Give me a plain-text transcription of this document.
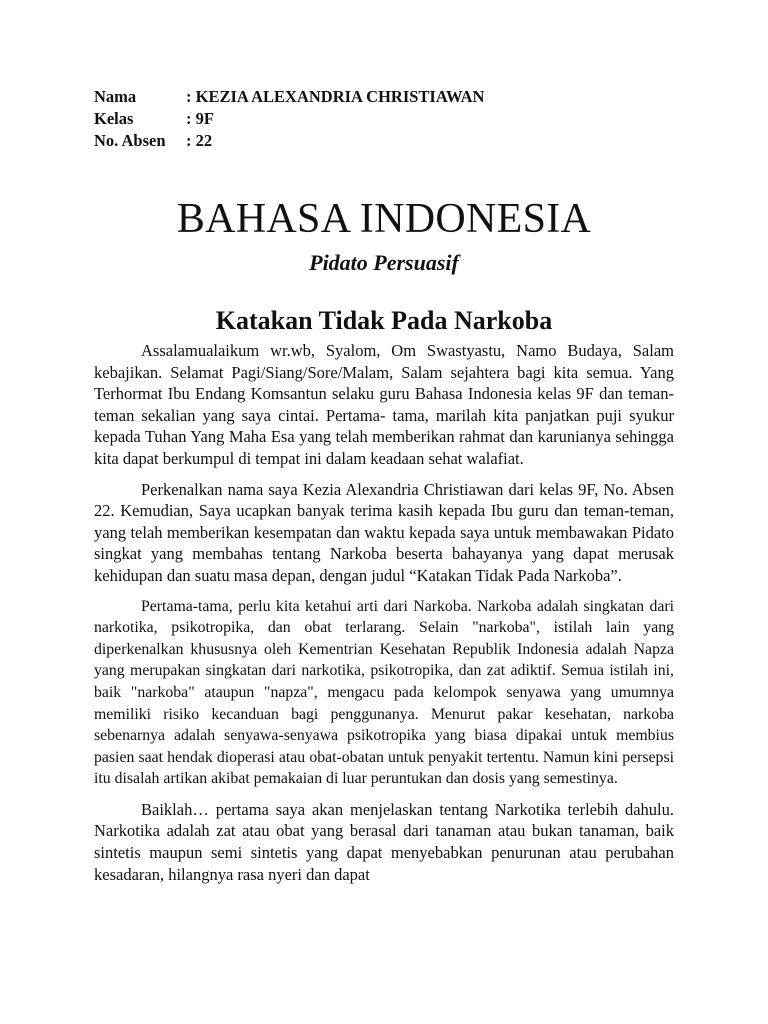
Nama	: KEZIA ALEXANDRIA CHRISTIAWAN
Kelas	: 9F
No. Absen	: 22
BAHASA INDONESIA
Pidato Persuasif
Katakan Tidak Pada Narkoba

Assalamualaikum wr.wb, Syalom, Om Swastyastu, Namo Budaya, Salam kebajikan. Selamat Pagi/Siang/Sore/Malam, Salam sejahtera bagi kita semua. Yang Terhormat Ibu Endang Komsantun selaku guru Bahasa Indonesia kelas 9F dan teman-teman sekalian yang saya cintai. Pertama- tama, marilah kita panjatkan puji syukur kepada Tuhan Yang Maha Esa yang telah memberikan rahmat dan karunianya sehingga kita dapat berkumpul di tempat ini dalam keadaan sehat walafiat.

Perkenalkan nama saya Kezia Alexandria Christiawan dari kelas 9F, No. Absen 22. Kemudian, Saya ucapkan banyak terima kasih kepada Ibu guru dan teman-teman, yang telah memberikan kesempatan dan waktu kepada saya untuk membawakan Pidato singkat yang membahas tentang Narkoba beserta bahayanya yang dapat merusak kehidupan dan suatu masa depan, dengan judul “Katakan Tidak Pada Narkoba”.

Pertama-tama, perlu kita ketahui arti dari Narkoba. Narkoba adalah singkatan dari narkotika, psikotropika, dan obat terlarang. Selain "narkoba", istilah lain yang diperkenalkan khususnya oleh Kementrian Kesehatan Republik Indonesia adalah Napza yang merupakan singkatan dari narkotika, psikotropika, dan zat adiktif. Semua istilah ini, baik "narkoba" ataupun "napza", mengacu pada kelompok senyawa yang umumnya memiliki risiko kecanduan bagi penggunanya. Menurut pakar kesehatan, narkoba sebenarnya adalah senyawa-senyawa psikotropika yang biasa dipakai untuk membius pasien saat hendak dioperasi atau obat-obatan untuk penyakit tertentu. Namun kini persepsi itu disalah artikan akibat pemakaian di luar peruntukan dan dosis yang semestinya.

Baiklah… pertama saya akan menjelaskan tentang Narkotika terlebih dahulu. Narkotika adalah zat atau obat yang berasal dari tanaman atau bukan tanaman, baik sintetis maupun semi sintetis yang dapat menyebabkan penurunan atau perubahan kesadaran, hilangnya rasa nyeri dan dapat
